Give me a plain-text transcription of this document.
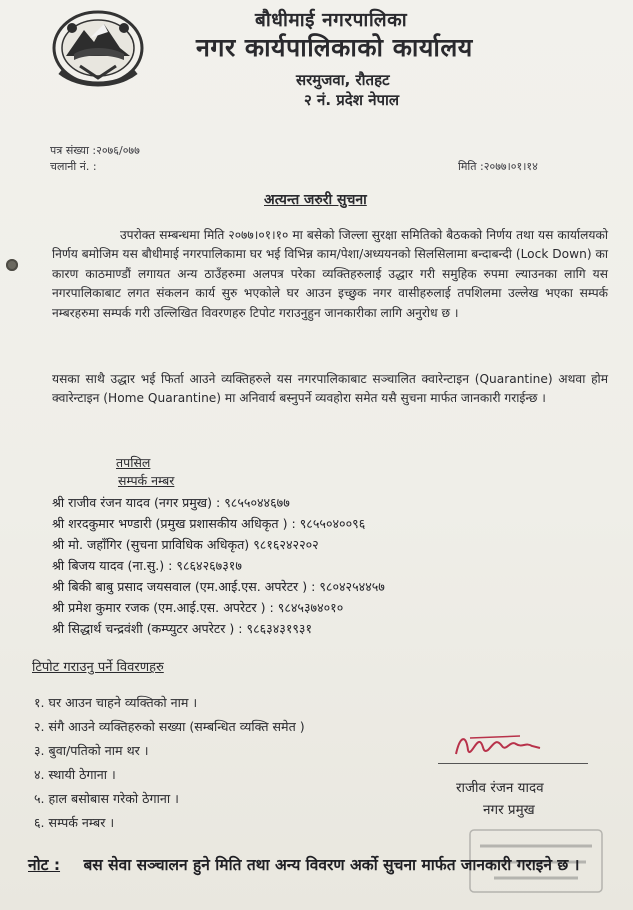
बौधीमाई नगरपालिका
नगर कार्यपालिकाको कार्यालय
सरमुजवा, रौतहट
२ नं. प्रदेश नेपाल
पत्र संख्या :२०७६/०७७
चलानी नं. :	मिति :२०७७।०१।१४
अत्यन्त जरुरी सुचना
उपरोक्त सम्बन्धमा मिति २०७७।०१।१० मा बसेको जिल्ला सुरक्षा समितिको बैठकको निर्णय तथा यस कार्यालयको निर्णय बमोजिम यस बौधीमाई नगरपालिकामा घर भई विभिन्न काम/पेशा/अध्ययनको सिलसिलामा बन्दाबन्दी (Lock Down) का कारण काठमाण्डौं लगायत अन्य ठाउँहरुमा अलपत्र परेका व्यक्तिहरुलाई उद्धार गरी समुहिक रुपमा ल्याउनका लागि यस नगरपालिकाबाट लगत संकलन कार्य सुरु भएकोले घर आउन इच्छुक नगर वासीहरुलाई तपशिलमा उल्लेख भएका सम्पर्क नम्बरहरुमा सम्पर्क गरी उल्लिखित विवरणहरु टिपोट गराउनुहुन जानकारीका लागि अनुरोध छ ।
यसका साथै उद्धार भई फिर्ता आउने व्यक्तिहरुले यस नगरपालिकाबाट सञ्चालित क्वारेन्टाइन (Quarantine) अथवा होम क्वारेन्टाइन (Home Quarantine) मा अनिवार्य बस्नुपर्ने व्यवहोरा समेत यसै सुचना मार्फत जानकारी गराईन्छ ।
तपसिल
सम्पर्क नम्बर
श्री राजीव रंजन यादव (नगर प्रमुख) : ९८५५०४४६७७
श्री शरदकुमार भण्डारी (प्रमुख प्रशासकीय अधिकृत ) : ९८५५०४००९६
श्री मो. जहाँगिर (सुचना प्राविधिक अधिकृत) ९८१६२४२२०२
श्री बिजय यादव (ना.सु.) : ९८६४२६७३१७
श्री बिकी बाबु प्रसाद जयसवाल (एम.आई.एस. अपरेटर ) : ९८०४२५४४५७
श्री प्रमेश कुमार रजक (एम.आई.एस. अपरेटर ) : ९८४५३७४०१०
श्री सिद्धार्थ चन्द्रवंशी (कम्प्युटर अपरेटर ) : ९८६३४३१९३१
टिपोट गराउनु पर्ने विवरणहरु
१. घर आउन चाहने व्यक्तिको नाम ।
२. संगै आउने व्यक्तिहरुको सख्या (सम्बन्धित व्यक्ति समेत )
३. बुवा/पतिको नाम थर ।
४. स्थायी ठेगाना ।
५. हाल बसोबास गरेको ठेगाना ।
६. सम्पर्क नम्बर ।
राजीव रंजन यादव
नगर प्रमुख
नोट : बस सेवा सञ्चालन हुने मिति तथा अन्य विवरण अर्को सुचना मार्फत जानकारी गराइने छ ।
